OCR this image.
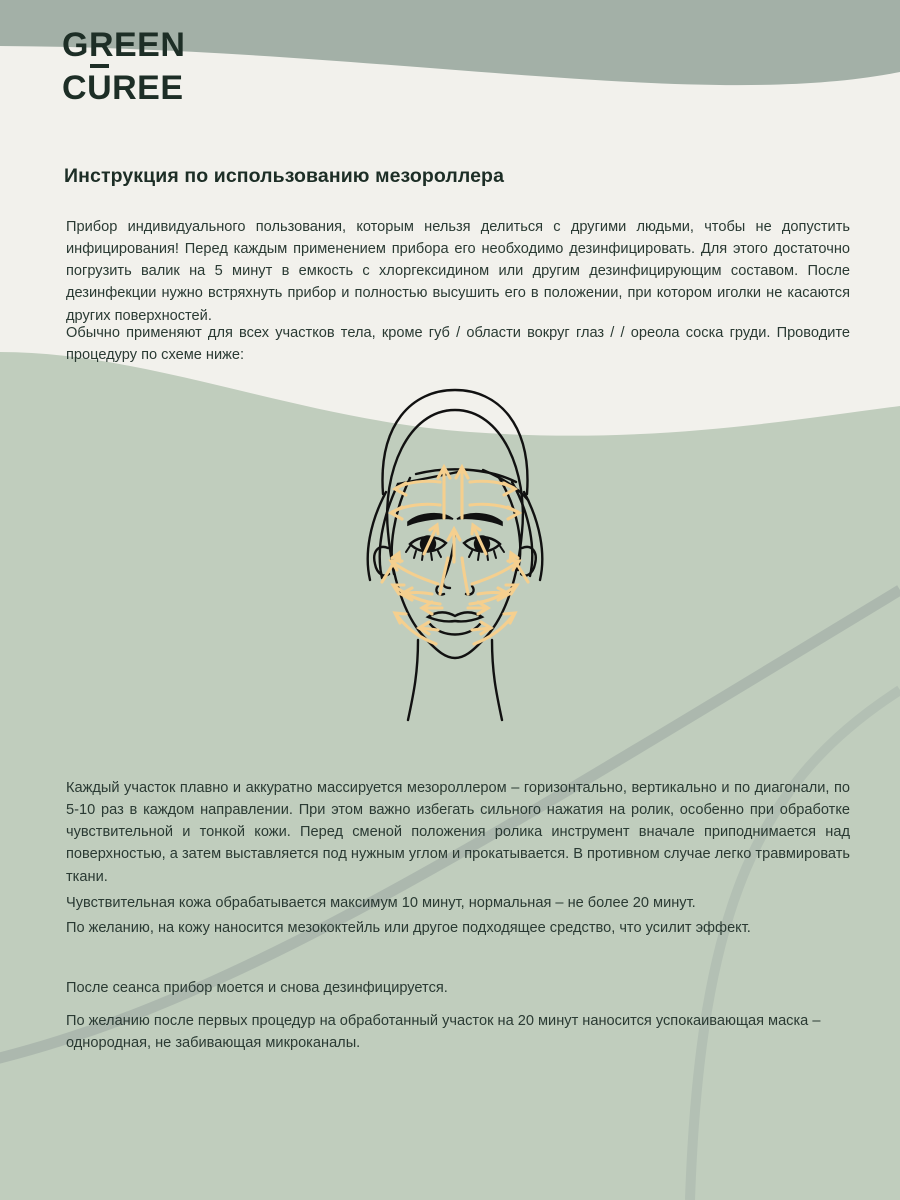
GREEN
CU
REE
Инструкция по использованию мезороллера

Прибор индивидуального пользования, которым нельзя делиться с другими людьми, чтобы не допустить инфицирования! Перед каждым применением прибора его необходимо дезинфицировать. Для этого достаточно погрузить валик на 5 минут в емкость с хлоргексидином или другим дезинфицирующим составом. После дезинфекции нужно встряхнуть прибор и полностью высушить его в положении, при котором иголки не касаются других поверхностей.

Обычно применяют для всех участков тела, кроме губ / области вокруг глаз / / ореола соска груди. Проводите процедуру по схеме ниже:

Каждый участок плавно и аккуратно массируется мезороллером – горизонтально, вертикально и по диагонали, по 5-10 раз в каждом направлении. При этом важно избегать сильного нажатия на ролик, особенно при обработке чувствительной и тонкой кожи. Перед сменой положения ролика инструмент вначале приподнимается над поверхностью, а затем выставляется под нужным углом и прокатывается. В противном случае легко травмировать ткани.

Чувствительная кожа обрабатывается максимум 10 минут, нормальная – не более 20 минут.

По желанию, на кожу наносится мезококтейль или другое подходящее средство, что усилит эффект.

После сеанса прибор моется и снова дезинфицируется.

По желанию после первых процедур на обработанный участок на 20 минут наносится успокаивающая маска – однородная, не забивающая микроканалы.
